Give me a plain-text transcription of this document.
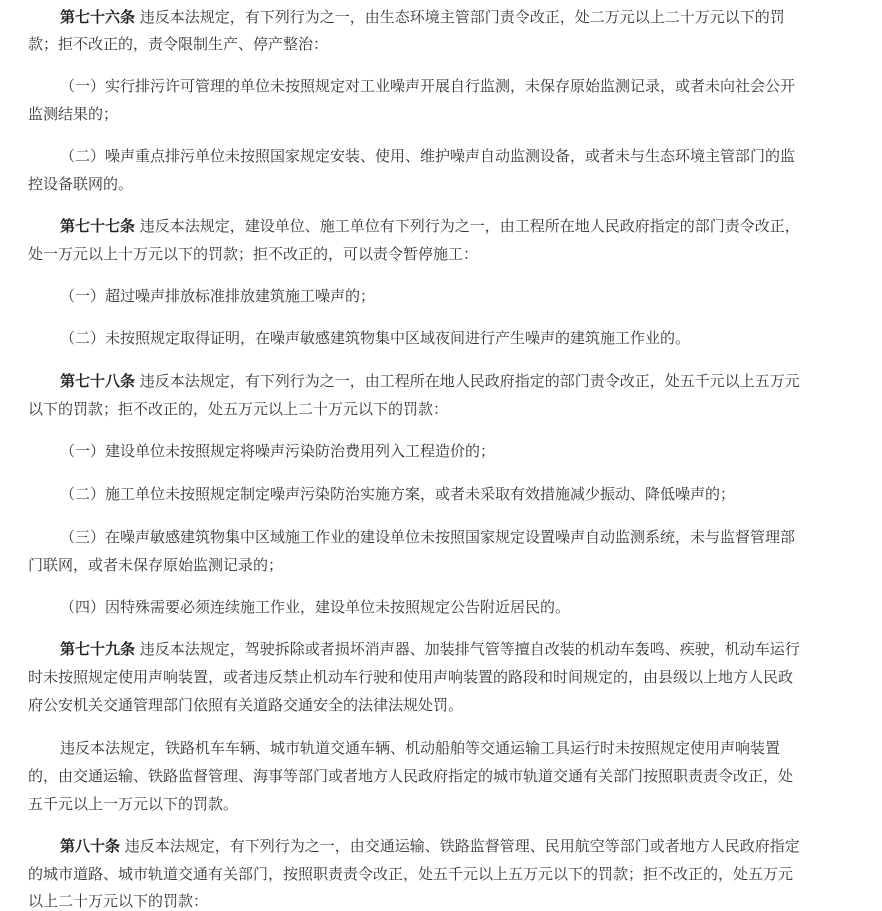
第七十六条 违反本法规定，有下列行为之一，由生态环境主管部门责令改正，处二万元以上二十万元以下的罚
款；拒不改正的，责令限制生产、停产整治：
（一）实行排污许可管理的单位未按照规定对工业噪声开展自行监测，未保存原始监测记录，或者未向社会公开
监测结果的；
（二）噪声重点排污单位未按照国家规定安装、使用、维护噪声自动监测设备，或者未与生态环境主管部门的监
控设备联网的。
第七十七条 违反本法规定，建设单位、施工单位有下列行为之一，由工程所在地人民政府指定的部门责令改正，
处一万元以上十万元以下的罚款；拒不改正的，可以责令暂停施工：
（一）超过噪声排放标准排放建筑施工噪声的；
（二）未按照规定取得证明，在噪声敏感建筑物集中区域夜间进行产生噪声的建筑施工作业的。
第七十八条 违反本法规定，有下列行为之一，由工程所在地人民政府指定的部门责令改正，处五千元以上五万元
以下的罚款；拒不改正的，处五万元以上二十万元以下的罚款：
（一）建设单位未按照规定将噪声污染防治费用列入工程造价的；
（二）施工单位未按照规定制定噪声污染防治实施方案，或者未采取有效措施减少振动、降低噪声的；
（三）在噪声敏感建筑物集中区域施工作业的建设单位未按照国家规定设置噪声自动监测系统，未与监督管理部
门联网，或者未保存原始监测记录的；
（四）因特殊需要必须连续施工作业，建设单位未按照规定公告附近居民的。
第七十九条 违反本法规定，驾驶拆除或者损坏消声器、加装排气管等擅自改装的机动车轰鸣、疾驶，机动车运行
时未按照规定使用声响装置，或者违反禁止机动车行驶和使用声响装置的路段和时间规定的，由县级以上地方人民政
府公安机关交通管理部门依照有关道路交通安全的法律法规处罚。
违反本法规定，铁路机车车辆、城市轨道交通车辆、机动船舶等交通运输工具运行时未按照规定使用声响装置
的，由交通运输、铁路监督管理、海事等部门或者地方人民政府指定的城市轨道交通有关部门按照职责责令改正，处
五千元以上一万元以下的罚款。
第八十条 违反本法规定，有下列行为之一，由交通运输、铁路监督管理、民用航空等部门或者地方人民政府指定
的城市道路、城市轨道交通有关部门，按照职责责令改正，处五千元以上五万元以下的罚款；拒不改正的，处五万元
以上二十万元以下的罚款：
